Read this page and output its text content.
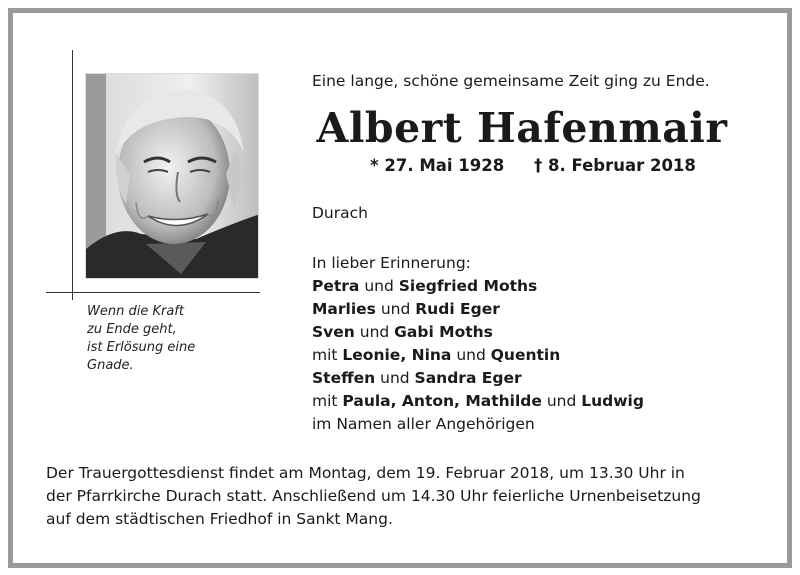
Wenn die Kraft
zu Ende geht,
ist Erlösung eine
Gnade.
Eine lange, schöne gemeinsame Zeit ging zu Ende.
Albert Hafenmair
* 27. Mai 1928 † 8. Februar 2018
Durach
In lieber Erinnerung:
Petra und Siegfried Moths
Marlies und Rudi Eger
Sven und Gabi Moths
mit Leonie, Nina und Quentin
Steffen und Sandra Eger
mit Paula, Anton, Mathilde und Ludwig
im Namen aller Angehörigen
Der Trauergottesdienst findet am Montag, dem 19. Februar 2018, um 13.30 Uhr in
der Pfarrkirche Durach statt. Anschließend um 14.30 Uhr feierliche Urnenbeisetzung
auf dem städtischen Friedhof in Sankt Mang.
